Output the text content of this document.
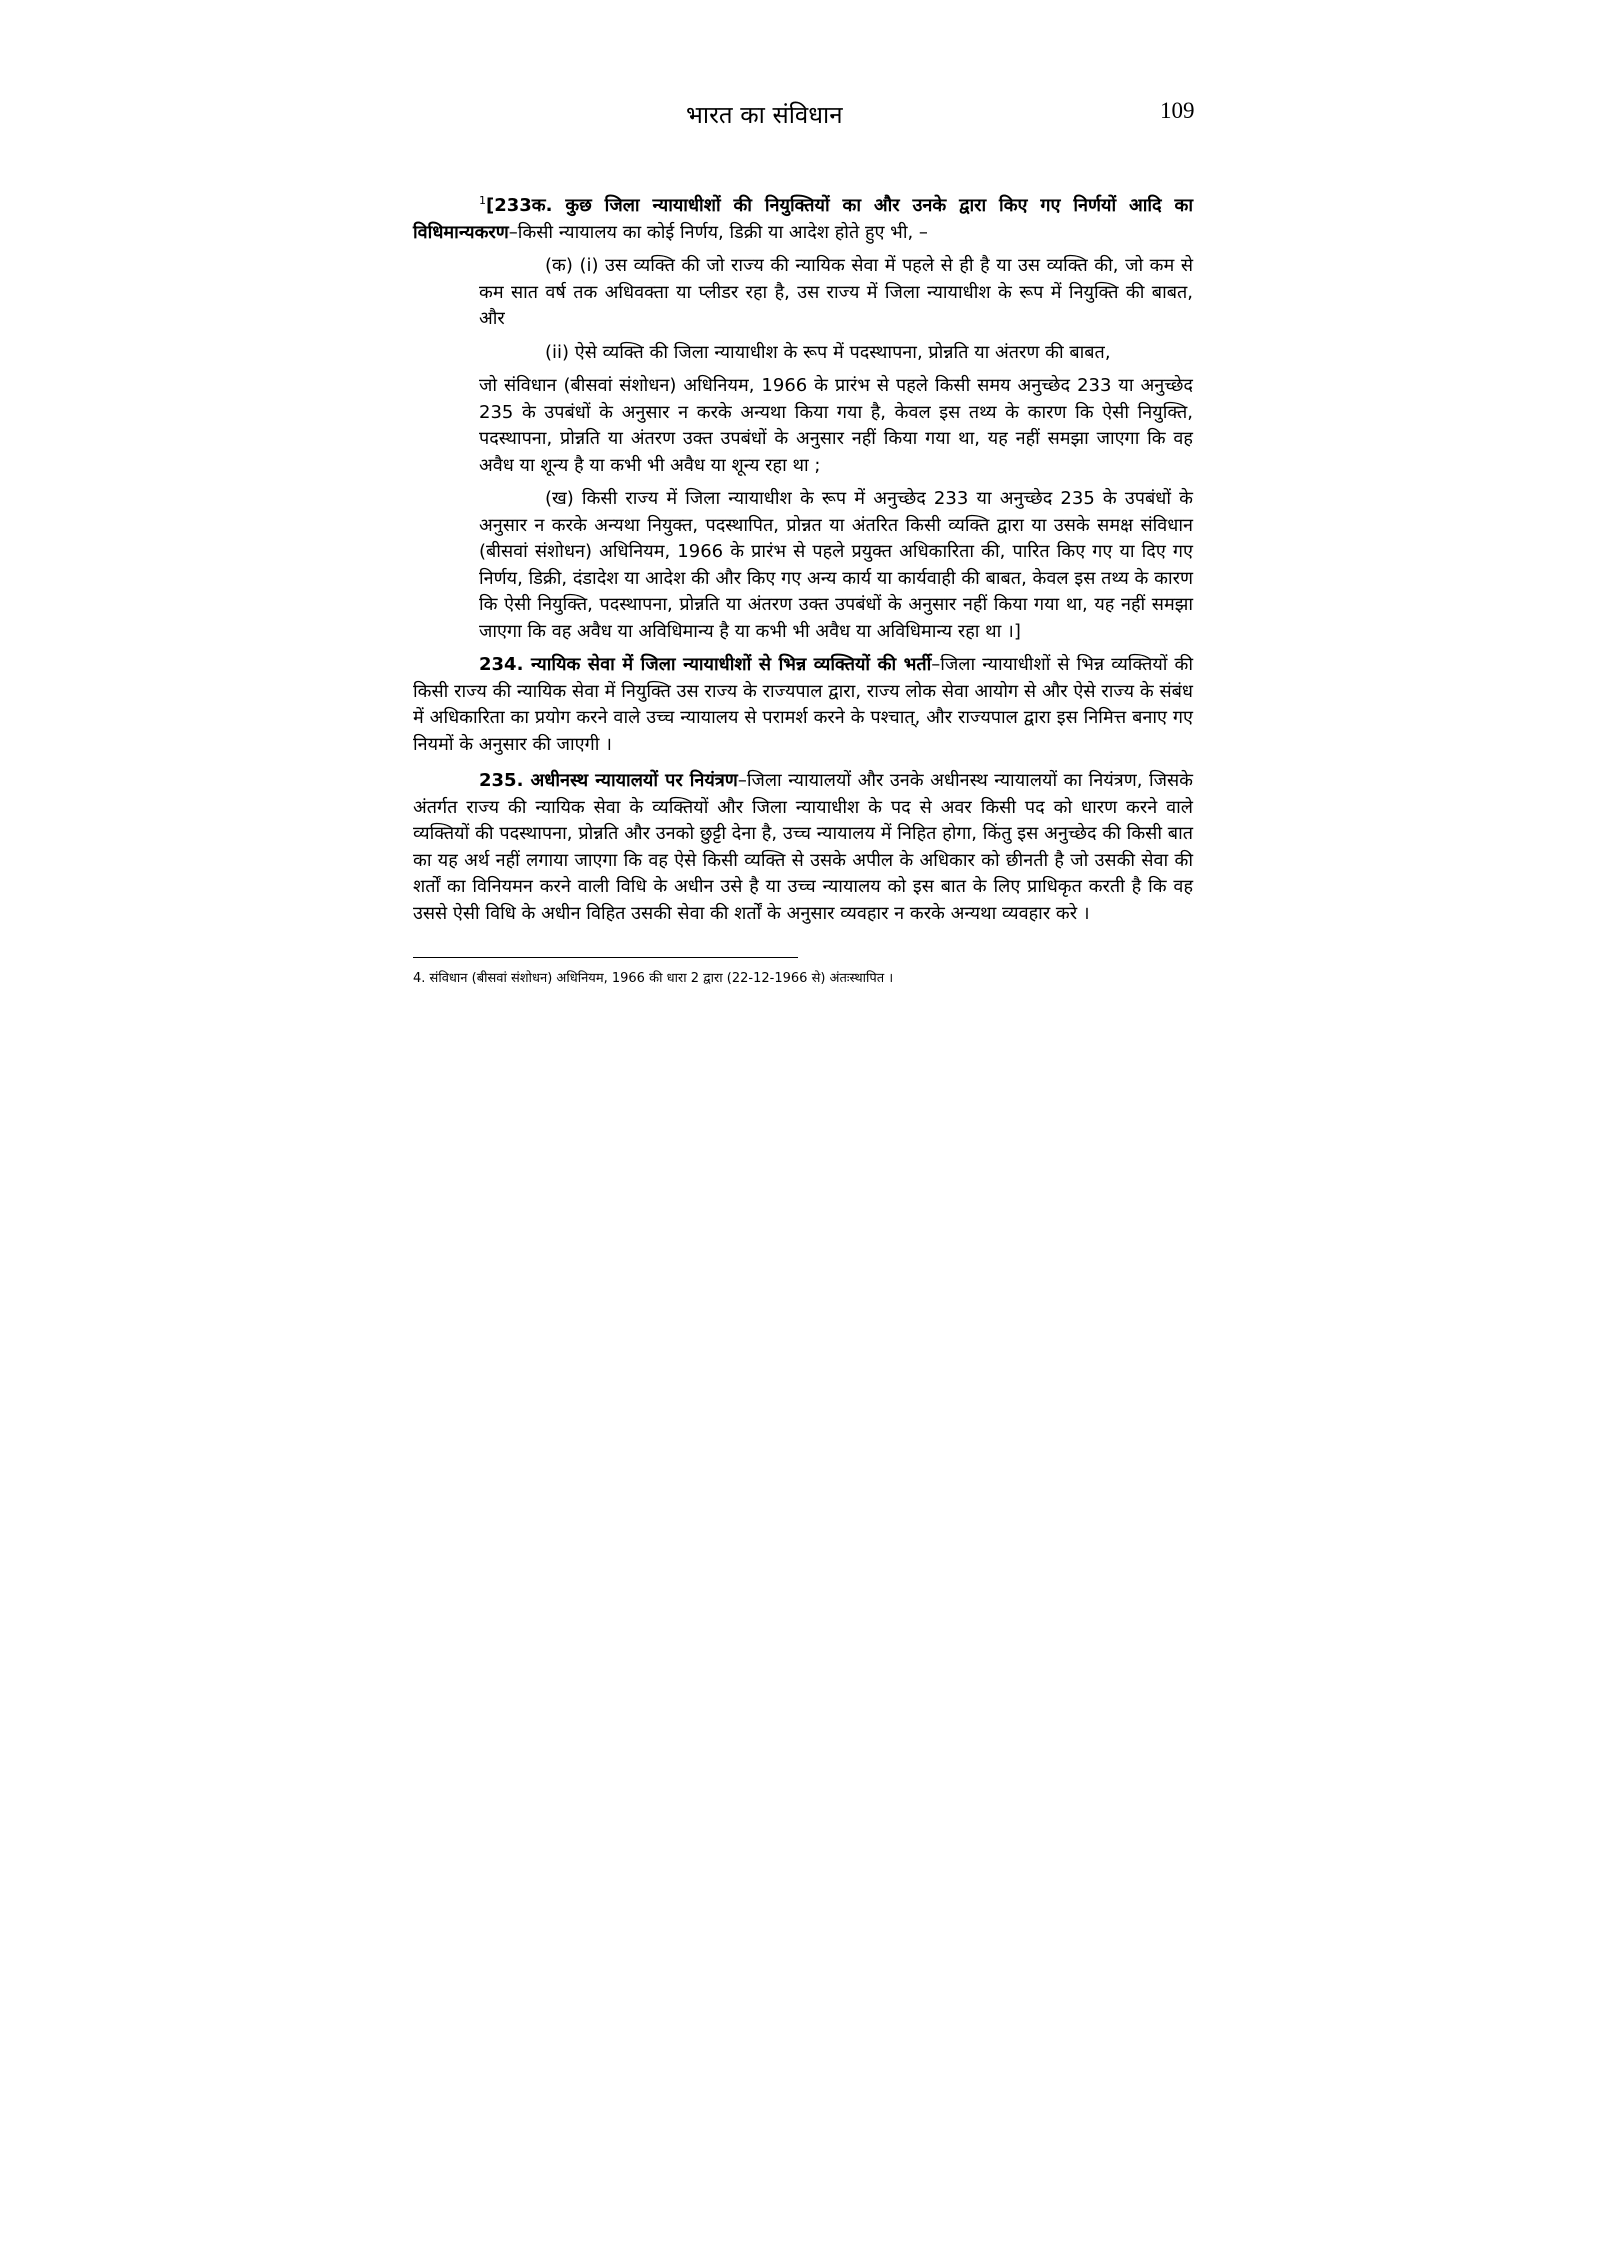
भारत का संविधान	109

$^1$[233क. कुछ जिला न्यायाधीशों की नियुक्तियों का और उनके द्वारा किए गए निर्णयों आदि का विधिमान्यकरण–किसी न्यायालय का कोई निर्णय, डिक्री या आदेश होते हुए भी, –

(क) (i) उस व्यक्ति की जो राज्य की न्यायिक सेवा में पहले से ही है या उस व्यक्ति की, जो कम से कम सात वर्ष तक अधिवक्ता या प्लीडर रहा है, उस राज्य में जिला न्यायाधीश के रूप में नियुक्ति की बाबत, और

(ii) ऐसे व्यक्ति की जिला न्यायाधीश के रूप में पदस्थापना, प्रोन्नति या अंतरण की बाबत,

जो संविधान (बीसवां संशोधन) अधिनियम, 1966 के प्रारंभ से पहले किसी समय अनुच्छेद 233 या अनुच्छेद 235 के उपबंधों के अनुसार न करके अन्यथा किया गया है, केवल इस तथ्य के कारण कि ऐसी नियुक्ति, पदस्थापना, प्रोन्नति या अंतरण उक्त उपबंधों के अनुसार नहीं किया गया था, यह नहीं समझा जाएगा कि वह अवैध या शून्य है या कभी भी अवैध या शून्य रहा था ;

(ख) किसी राज्य में जिला न्यायाधीश के रूप में अनुच्छेद 233 या अनुच्छेद 235 के उपबंधों के अनुसार न करके अन्यथा नियुक्त, पदस्थापित, प्रोन्नत या अंतरित किसी व्यक्ति द्वारा या उसके समक्ष संविधान (बीसवां संशोधन) अधिनियम, 1966 के प्रारंभ से पहले प्रयुक्त अधिकारिता की, पारित किए गए या दिए गए निर्णय, डिक्री, दंडादेश या आदेश की और किए गए अन्य कार्य या कार्यवाही की बाबत, केवल इस तथ्य के कारण कि ऐसी नियुक्ति, पदस्थापना, प्रोन्नति या अंतरण उक्त उपबंधों के अनुसार नहीं किया गया था, यह नहीं समझा जाएगा कि वह अवैध या अविधिमान्य है या कभी भी अवैध या अविधिमान्य रहा था ।]

234. न्यायिक सेवा में जिला न्यायाधीशों से भिन्न व्यक्तियों की भर्ती–जिला न्यायाधीशों से भिन्न व्यक्तियों की किसी राज्य की न्यायिक सेवा में नियुक्ति उस राज्य के राज्यपाल द्वारा, राज्य लोक सेवा आयोग से और ऐसे राज्य के संबंध में अधिकारिता का प्रयोग करने वाले उच्च न्यायालय से परामर्श करने के पश्चात्, और राज्यपाल द्वारा इस निमित्त बनाए गए नियमों के अनुसार की जाएगी ।

235. अधीनस्थ न्यायालयों पर नियंत्रण–जिला न्यायालयों और उनके अधीनस्थ न्यायालयों का नियंत्रण, जिसके अंतर्गत राज्य की न्यायिक सेवा के व्यक्तियों और जिला न्यायाधीश के पद से अवर किसी पद को धारण करने वाले व्यक्तियों की पदस्थापना, प्रोन्नति और उनको छुट्टी देना है, उच्च न्यायालय में निहित होगा, किंतु इस अनुच्छेद की किसी बात का यह अर्थ नहीं लगाया जाएगा कि वह ऐसे किसी व्यक्ति से उसके अपील के अधिकार को छीनती है जो उसकी सेवा की शर्तों का विनियमन करने वाली विधि के अधीन उसे है या उच्च न्यायालय को इस बात के लिए प्राधिकृत करती है कि वह उससे ऐसी विधि के अधीन विहित उसकी सेवा की शर्तों के अनुसार व्यवहार न करके अन्यथा व्यवहार करे ।

4. संविधान (बीसवां संशोधन) अधिनियम, 1966 की धारा 2 द्वारा (22-12-1966 से) अंतःस्थापित ।
